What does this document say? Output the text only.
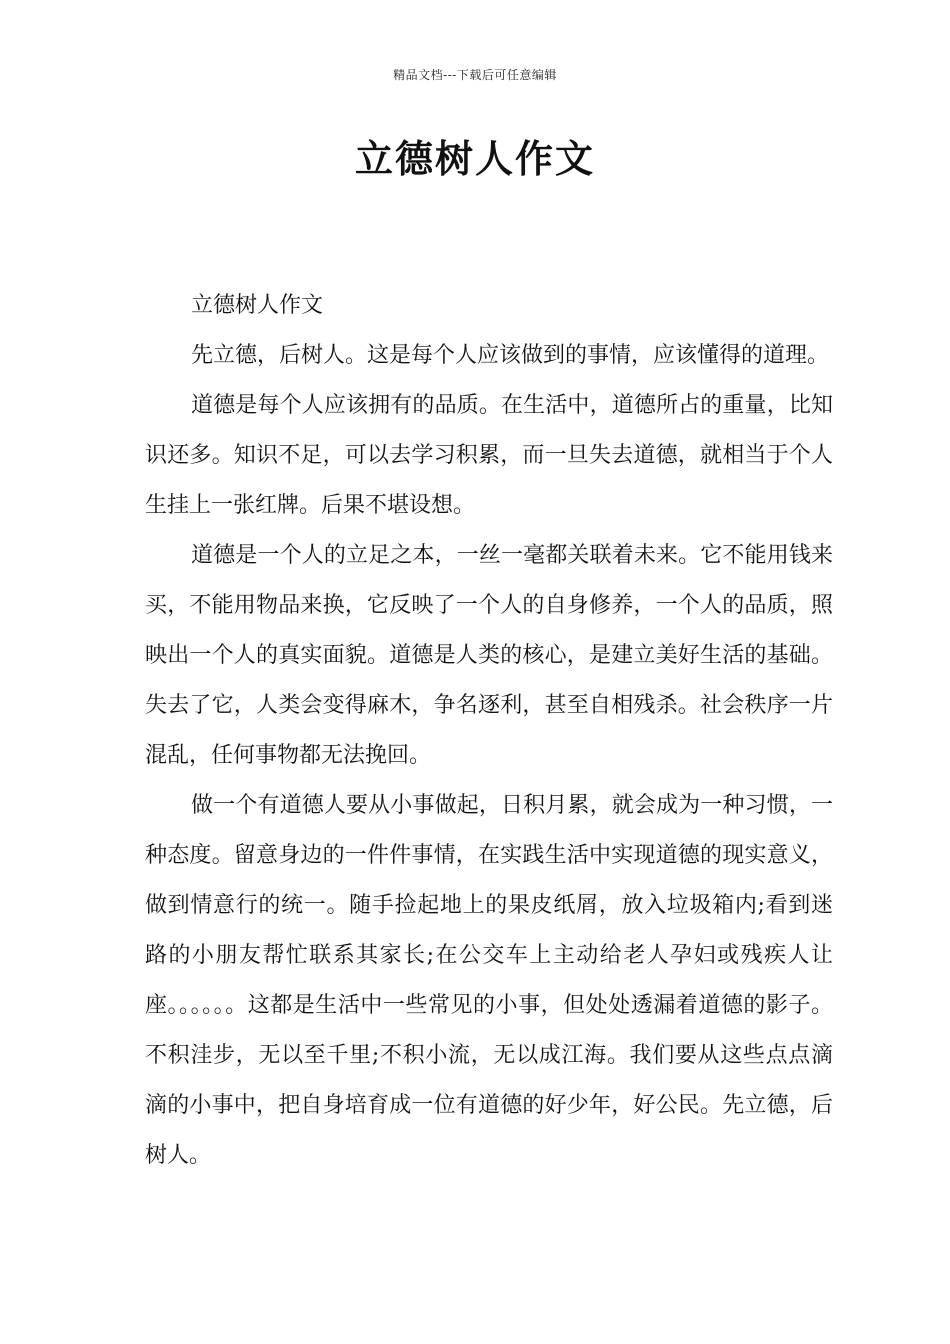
精品文档---下载后可任意编辑
立德树人作文

立德树人作文

先立德，后树人。这是每个人应该做到的事情，应该懂得的道理。

道德是每个人应该拥有的品质。在生活中，道德所占的重量，比知识还多。知识不足，可以去学习积累，而一旦失去道德，就相当于个人生挂上一张红牌。后果不堪设想。

道德是一个人的立足之本，一丝一毫都关联着未来。它不能用钱来买，不能用物品来换，它反映了一个人的自身修养，一个人的品质，照映出一个人的真实面貌。道德是人类的核心，是建立美好生活的基础。失去了它，人类会变得麻木，争名逐利，甚至自相残杀。社会秩序一片混乱，任何事物都无法挽回。

做一个有道德人要从小事做起，日积月累，就会成为一种习惯，一种态度。留意身边的一件件事情，在实践生活中实现道德的现实意义，做到情意行的统一。随手捡起地上的果皮纸屑，放入垃圾箱内;看到迷路的小朋友帮忙联系其家长;在公交车上主动给老人孕妇或残疾人让座。。。。。。这都是生活中一些常见的小事，但处处透漏着道德的影子。不积洼步，无以至千里;不积小流，无以成江海。我们要从这些点点滴滴的小事中，把自身培育成一位有道德的好少年，好公民。先立德，后树人。
